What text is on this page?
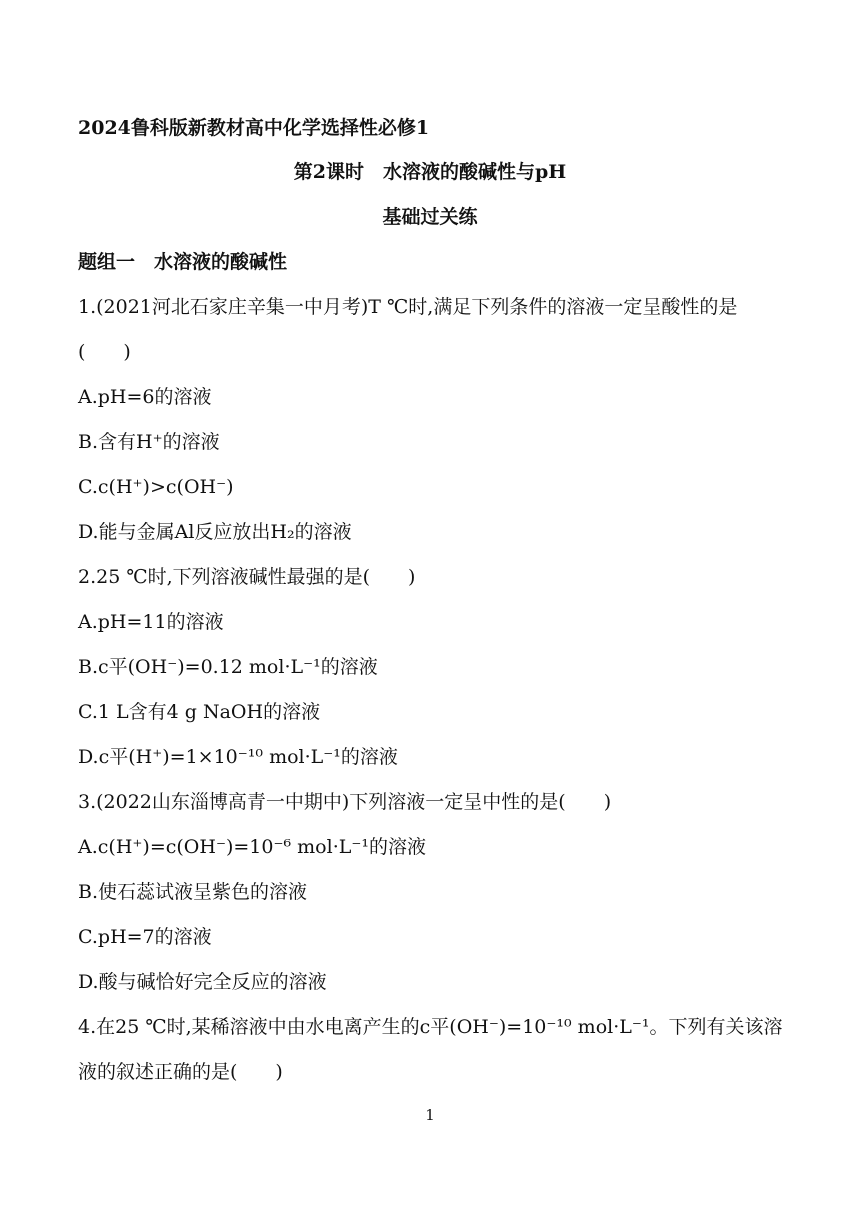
2024鲁科版新教材高中化学选择性必修1
第2课时　水溶液的酸碱性与pH
基础过关练
题组一　水溶液的酸碱性
1.(2021河北石家庄辛集一中月考)T ℃时,满足下列条件的溶液一定呈酸性的是
(　　)
A.pH=6的溶液
B.含有H⁺的溶液
C.c(H⁺)>c(OH⁻)
D.能与金属Al反应放出H₂的溶液
2.25 ℃时,下列溶液碱性最强的是(　　)
A.pH=11的溶液
B.c平(OH⁻)=0.12 mol·L⁻¹的溶液
C.1 L含有4 g NaOH的溶液
D.c平(H⁺)=1×10⁻¹⁰ mol·L⁻¹的溶液
3.(2022山东淄博高青一中期中)下列溶液一定呈中性的是(　　)
A.c(H⁺)=c(OH⁻)=10⁻⁶ mol·L⁻¹的溶液
B.使石蕊试液呈紫色的溶液
C.pH=7的溶液
D.酸与碱恰好完全反应的溶液
4.在25 ℃时,某稀溶液中由水电离产生的c平(OH⁻)=10⁻¹⁰ mol·L⁻¹。下列有关该溶
液的叙述正确的是(　　)
1
